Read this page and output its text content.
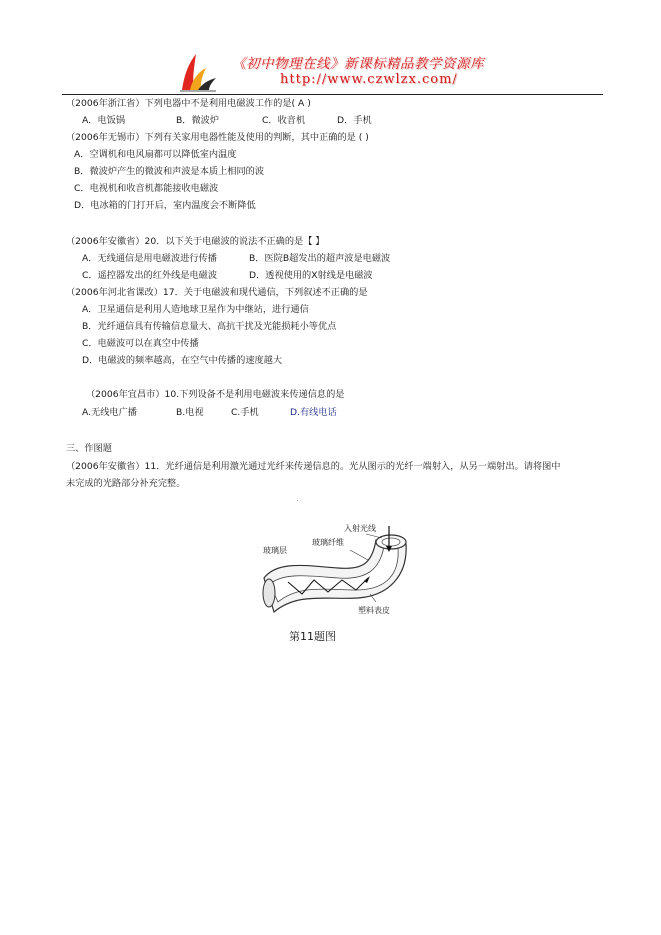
《初中物理在线》新课标精品教学资源库
http://www.czwlzx.com/
（2006年浙江省）下列电器中不是利用电磁波工作的是( A )
A．电饭锅	B．微波炉	C．收音机	D．手机
（2006年无锡市）下列有关家用电器性能及使用的判断，其中正确的是 ( )
A．空调机和电风扇都可以降低室内温度
B．微波炉产生的微波和声波是本质上相同的波
C．电视机和收音机都能接收电磁波
D．电冰箱的门打开后，室内温度会不断降低
（2006年安徽省）20．以下关于电磁波的说法不正确的是【 】
A．无线通信是用电磁波进行传播	B．医院B超发出的超声波是电磁波
C．遥控器发出的红外线是电磁波	D．透视使用的X射线是电磁波
（2006年河北省课改）17．关于电磁波和现代通信，下列叙述不正确的是
A．卫星通信是利用人造地球卫星作为中继站，进行通信
B．光纤通信具有传输信息量大、高抗干扰及光能损耗小等优点
C．电磁波可以在真空中传播
D．电磁波的频率越高，在空气中传播的速度越大
（2006年宜昌市）10.下列设备不是利用电磁波来传递信息的是
A.无线电广播	B.电视	C.手机	D.有线电话
三、作图题
（2006年安徽省）11．光纤通信是利用激光通过光纤来传递信息的。光从图示的光纤一端射入，从另一端射出。请将图中
未完成的光路部分补充完整。
玻璃层
玻璃纤维
入射光线
塑料表皮
第11题图
